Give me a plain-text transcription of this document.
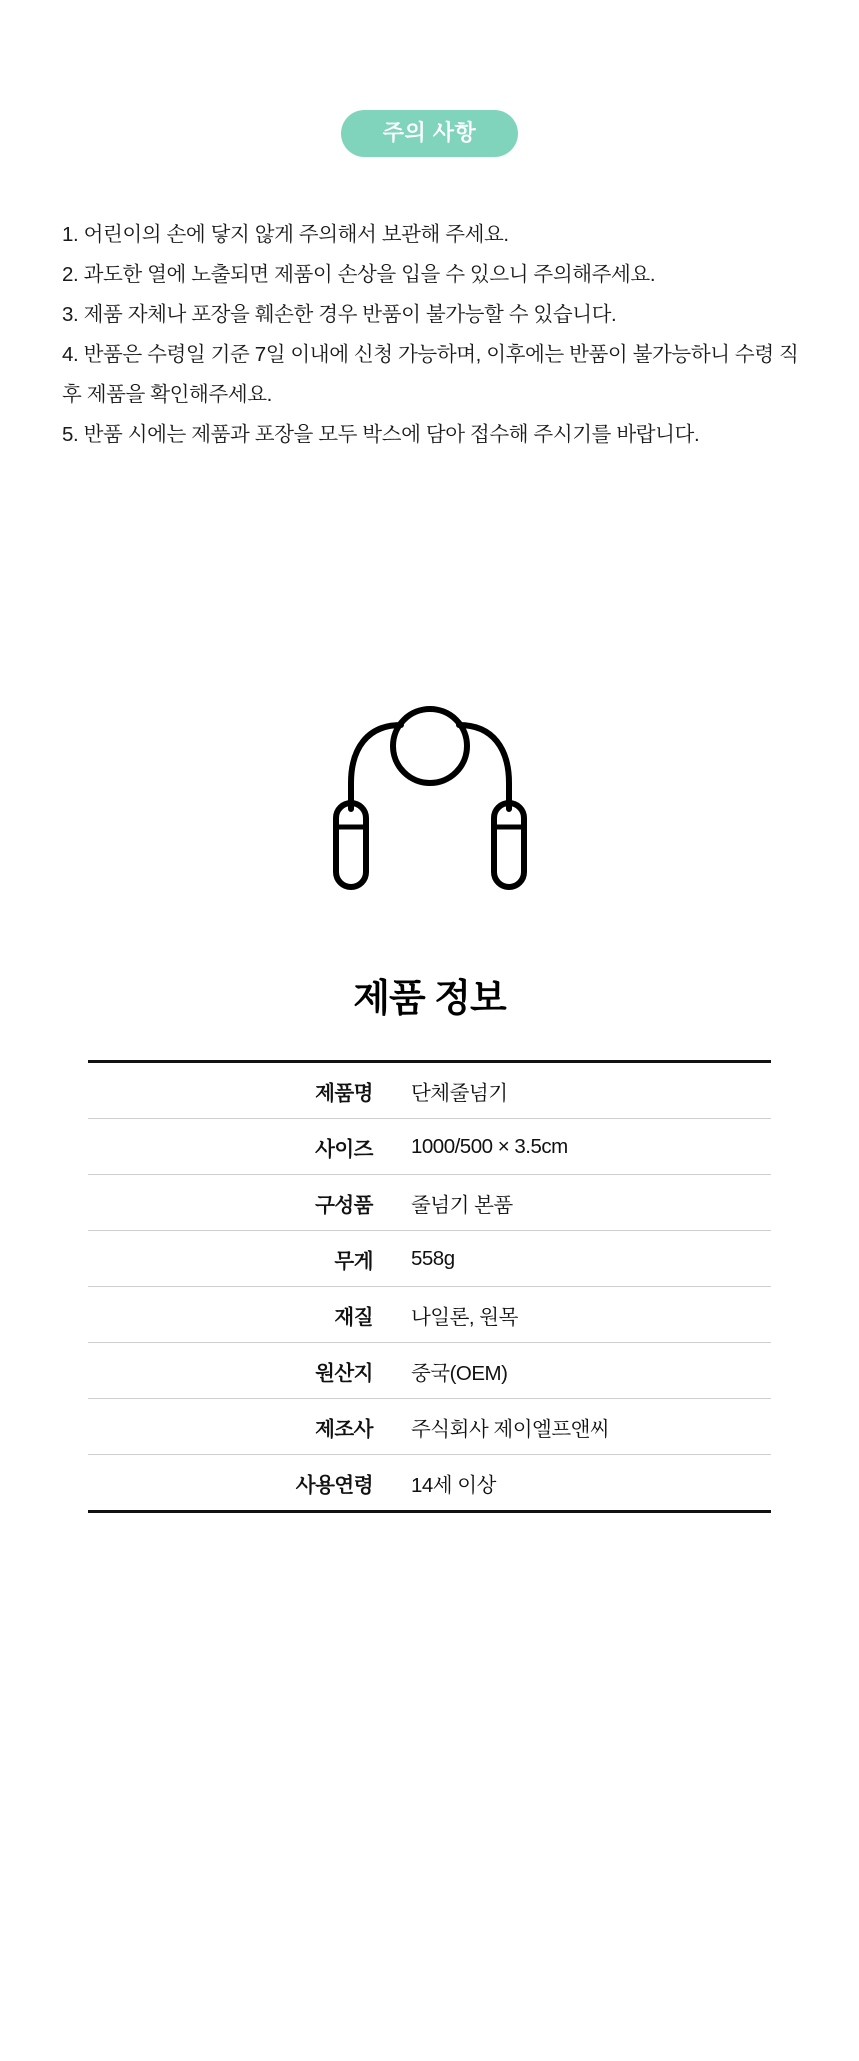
주의 사항
1. 어린이의 손에 닿지 않게 주의해서 보관해 주세요.
2. 과도한 열에 노출되면 제품이 손상을 입을 수 있으니 주의해주세요.
3. 제품 자체나 포장을 훼손한 경우 반품이 불가능할 수 있습니다.
4. 반품은 수령일 기준 7일 이내에 신청 가능하며, 이후에는 반품이 불가능하니 수령 직후 제품을 확인해주세요.
5. 반품 시에는 제품과 포장을 모두 박스에 담아 접수해 주시기를 바랍니다.
제품 정보
제품명	단체줄넘기
사이즈	1000/500 × 3.5cm
구성품	줄넘기 본품
무게	558g
재질	나일론, 원목
원산지	중국(OEM)
제조사	주식회사 제이엘프앤씨
사용연령	14세 이상
